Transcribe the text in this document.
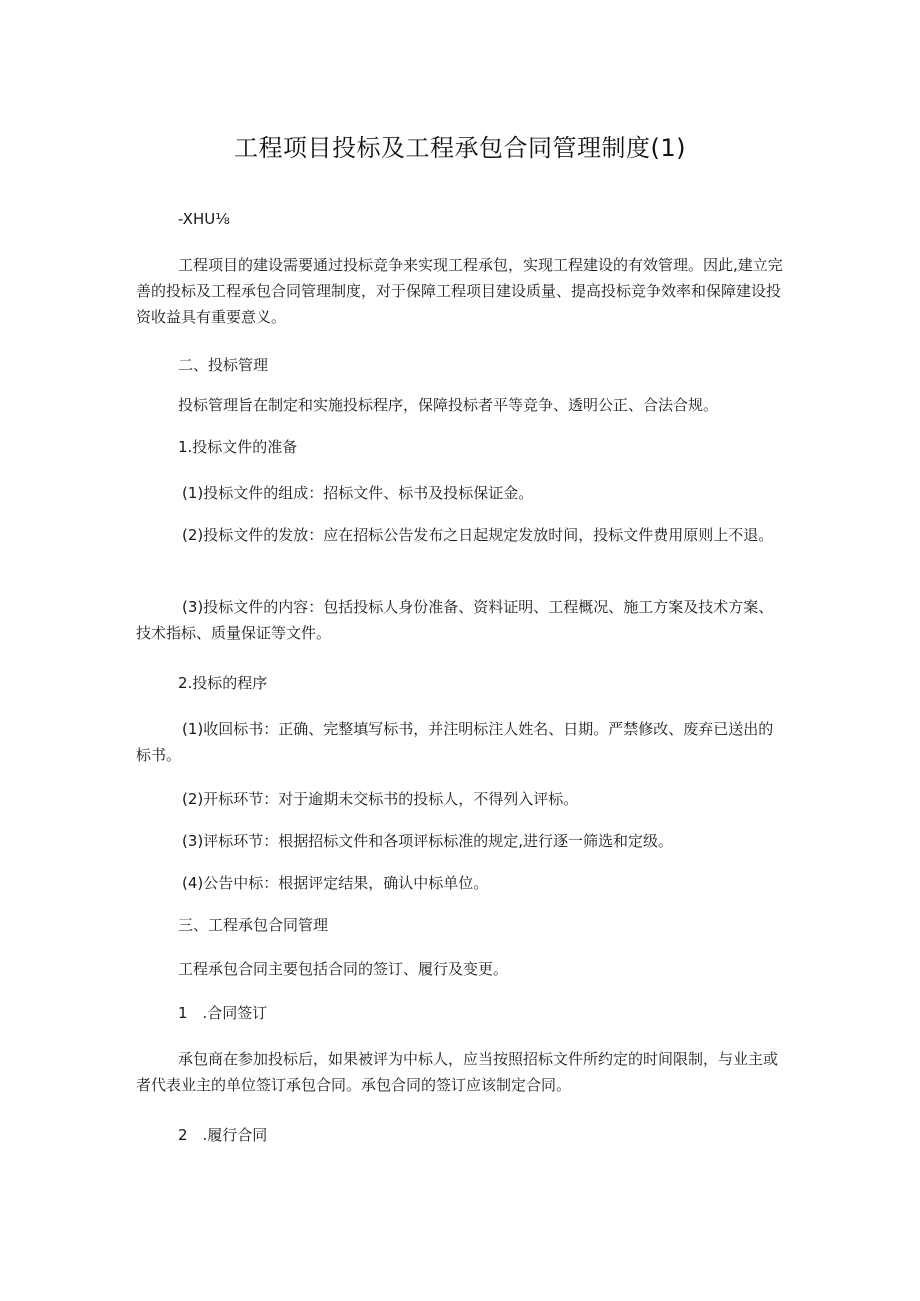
工程项目投标及工程承包合同管理制度(1)

-XHU⅛

工程项目的建设需要通过投标竞争来实现工程承包，实现工程建设的有效管理。因此,建立完善的投标及工程承包合同管理制度，对于保障工程项目建设质量、提高投标竞争效率和保障建设投资收益具有重要意义。

二、投标管理

投标管理旨在制定和实施投标程序，保障投标者平等竞争、透明公正、合法合规。

1.投标文件的准备

(1)投标文件的组成：招标文件、标书及投标保证金。

(2)投标文件的发放：应在招标公告发布之日起规定发放时间，投标文件费用原则上不退。

(3)投标文件的内容：包括投标人身份准备、资料证明、工程概况、施工方案及技术方案、技术指标、质量保证等文件。

2.投标的程序

(1)收回标书：正确、完整填写标书，并注明标注人姓名、日期。严禁修改、废弃已送出的标书。

(2)开标环节：对于逾期未交标书的投标人，不得列入评标。

(3)评标环节：根据招标文件和各项评标标准的规定,进行逐一筛选和定级。

(4)公告中标：根据评定结果，确认中标单位。

三、工程承包合同管理

工程承包合同主要包括合同的签订、履行及变更。

1　.合同签订

承包商在参加投标后，如果被评为中标人，应当按照招标文件所约定的时间限制，与业主或者代表业主的单位签订承包合同。承包合同的签订应该制定合同。

2　.履行合同
